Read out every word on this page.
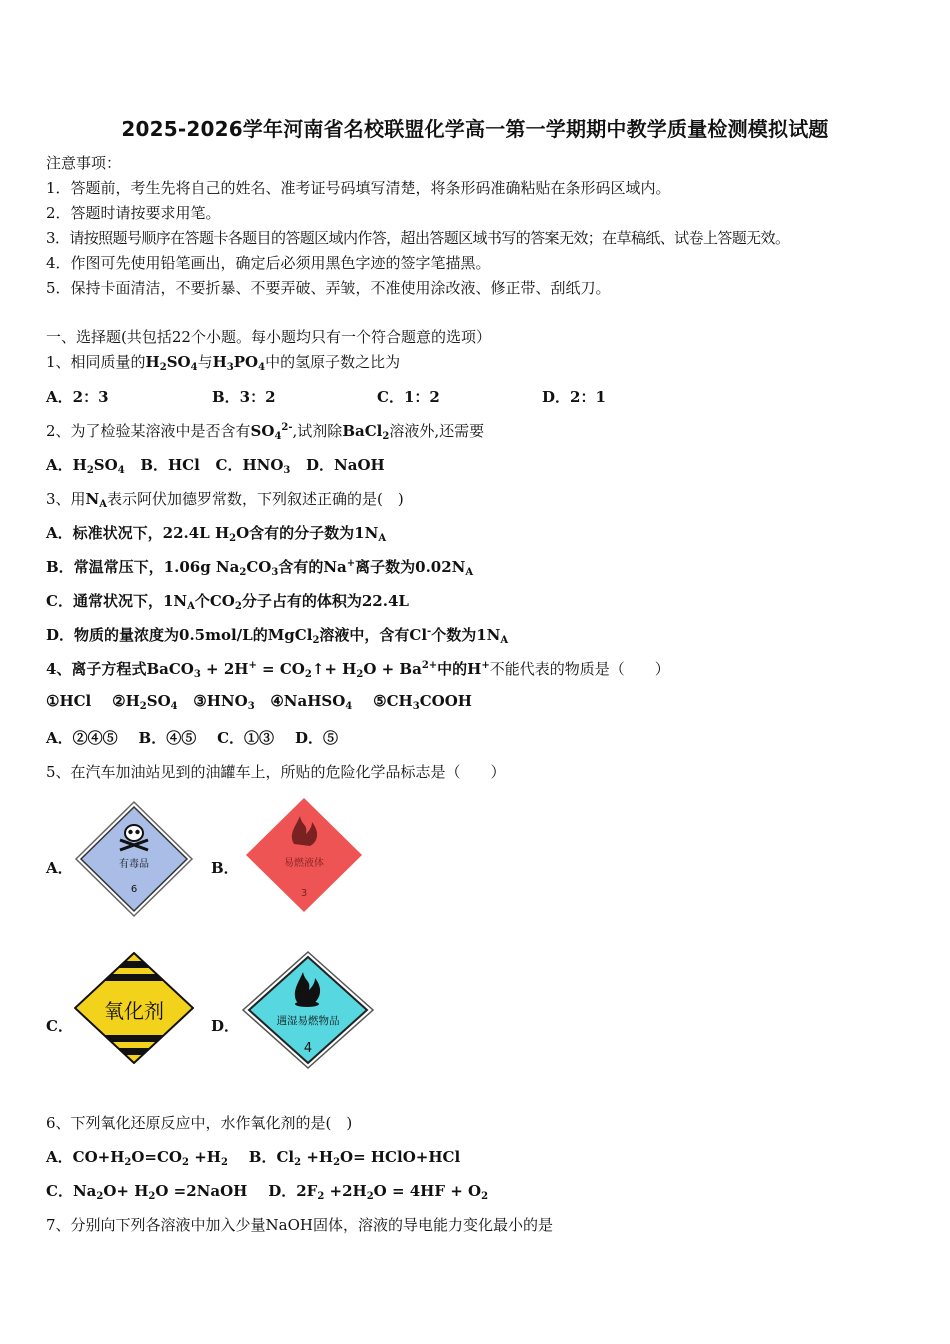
2025-2026学年河南省名校联盟化学高一第一学期期中教学质量检测模拟试题
注意事项：
1．答题前，考生先将自己的姓名、准考证号码填写清楚，将条形码准确粘贴在条形码区域内。
2．答题时请按要求用笔。
3．请按照题号顺序在答题卡各题目的答题区域内作答，超出答题区域书写的答案无效；在草稿纸、试卷上答题无效。
4．作图可先使用铅笔画出，确定后必须用黑色字迹的签字笔描黑。
5．保持卡面清洁，不要折暴、不要弄破、弄皱，不准使用涂改液、修正带、刮纸刀。
一、选择题(共包括22个小题。每小题均只有一个符合题意的选项）
1、相同质量的$H_2SO_4$与$H_3PO_4$中的氢原子数之比为
A．2：3	B．3：2	C．1：2	D．2：1
2、为了检验某溶液中是否含有$SO_4^{2-}$,试剂除BaCl$_2$溶液外,还需要
A．$H_2SO_4$ B．HCl C．$HNO_3$ D．NaOH
3、用$N_A$表示阿伏加德罗常数，下列叙述正确的是(　)
A．标准状况下，22.4L $H_2O$含有的分子数为$1N_A$
B．常温常压下，1.06g $Na_2CO_3$含有的Na+离子数为$0.02N_A$
C．通常状况下，$1N_A$个$CO_2$分子占有的体积为22.4L
D．物质的量浓度为0.5mol/L的MgCl$_2$溶液中，含有Cl-个数为$1N_A$
4、离子方程式BaCO$_3$ + $2H^+ = CO_2↑+ H_2O + Ba^{2+}$中的H+不能代表的物质是（　　）
①HCl $②H_2SO_4$ $③HNO_3$ ④NaHSO$_4$ $⑤CH_3COOH$
A．②④⑤ B．④⑤ C．①③ D．⑤
5、在汽车加油站见到的油罐车上，所贴的危险化学品标志是（　　）
A．	B．
C．	D．
有毒品
6
易燃液体
3
氧化剂	遇湿易燃物品
4
6、下列氧化还原反应中，水作氧化剂的是(　)
A．$CO+H_2O=CO_2 +H_2$ B．$Cl_2 +H_2O=$ HClO+HCl
C．$Na_2O+ H_2O$ =2NaOH D．$2F_2 +2H_2O = 4HF + O_2$
7、分别向下列各溶液中加入少量NaOH固体，溶液的导电能力变化最小的是
